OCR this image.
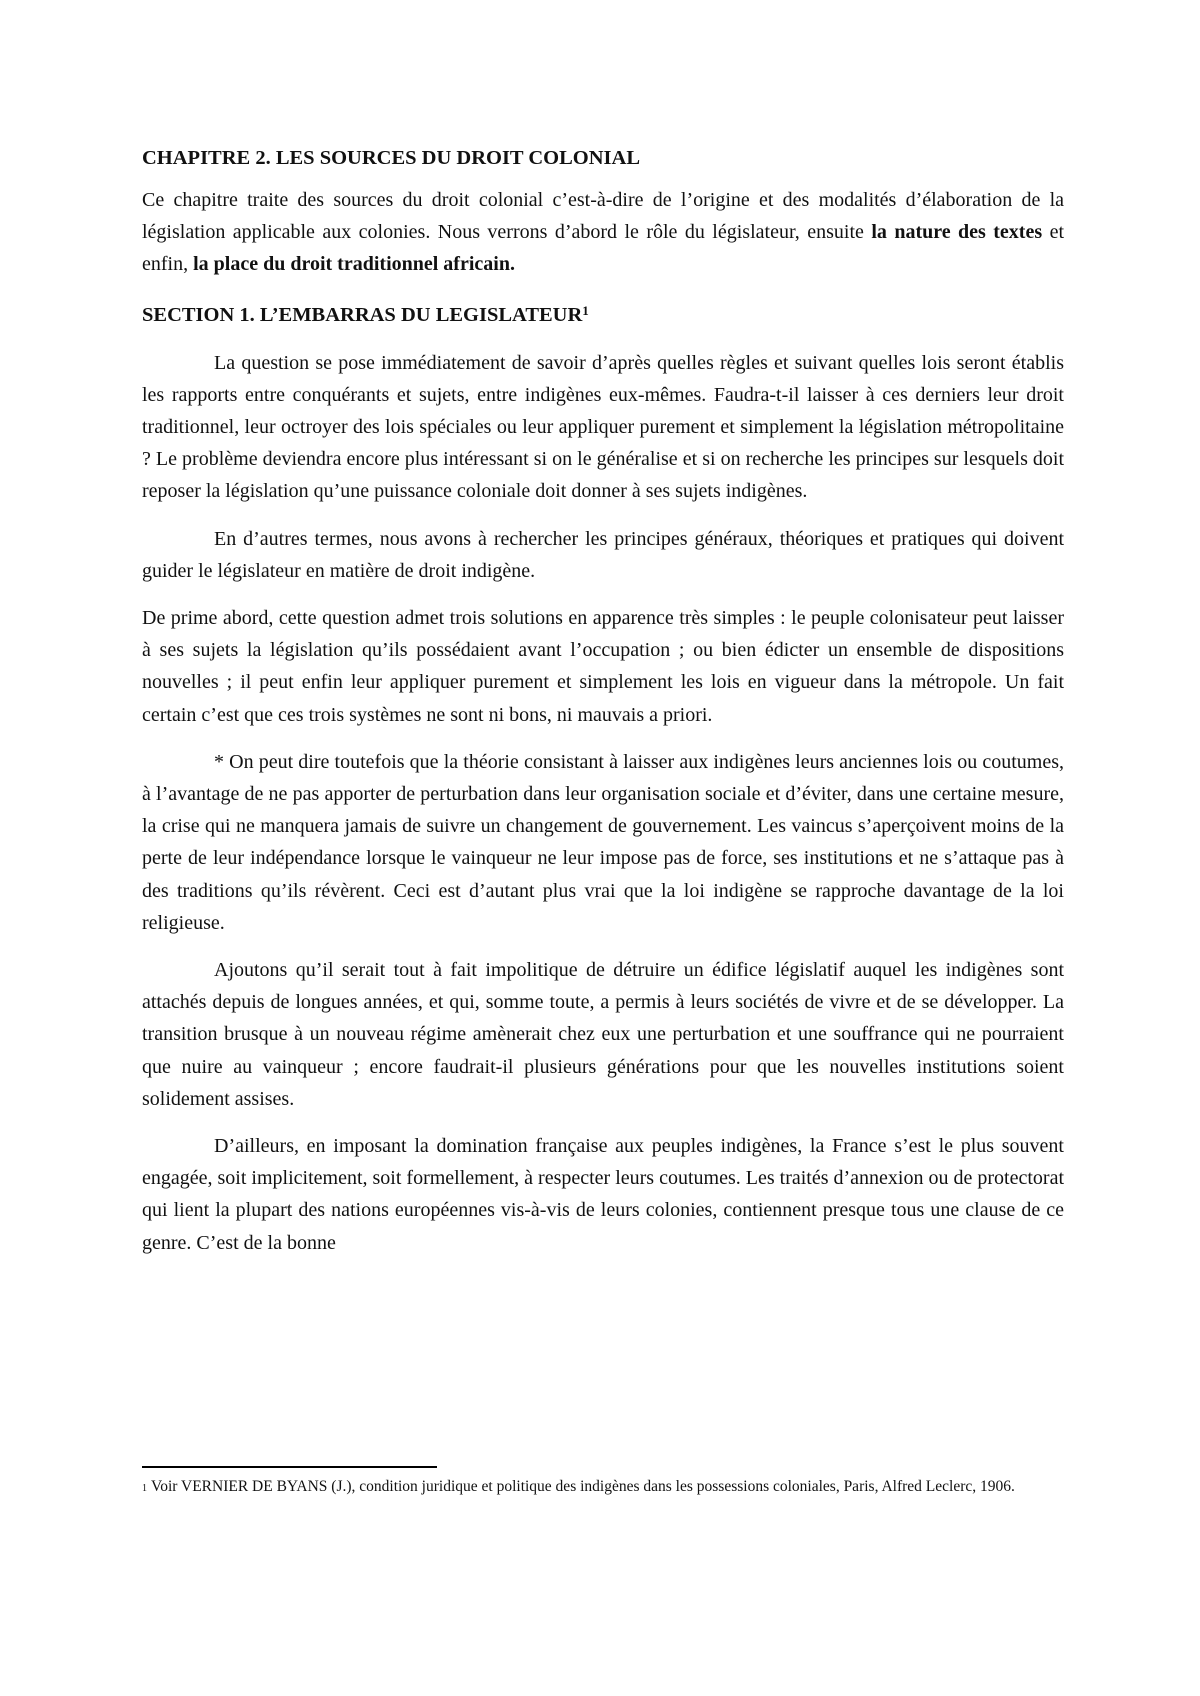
CHAPITRE 2. LES SOURCES DU DROIT COLONIAL

Ce chapitre traite des sources du droit colonial c’est-à-dire de l’origine et des modalités d’élaboration de la législation applicable aux colonies. Nous verrons d’abord le rôle du législateur, ensuite la nature des textes et enfin, la place du droit traditionnel africain.

SECTION 1. L’EMBARRAS DU LEGISLATEUR$^1$

La question se pose immédiatement de savoir d’après quelles règles et suivant quelles lois seront établis les rapports entre conquérants et sujets, entre indigènes eux-mêmes. Faudra-t-il laisser à ces derniers leur droit traditionnel, leur octroyer des lois spéciales ou leur appliquer purement et simplement la législation métropolitaine ? Le problème deviendra encore plus intéressant si on le généralise et si on recherche les principes sur lesquels doit reposer la législation qu’une puissance coloniale doit donner à ses sujets indigènes.

En d’autres termes, nous avons à rechercher les principes généraux, théoriques et pratiques qui doivent guider le législateur en matière de droit indigène.

De prime abord, cette question admet trois solutions en apparence très simples : le peuple colonisateur peut laisser à ses sujets la législation qu’ils possédaient avant l’occupation ; ou bien édicter un ensemble de dispositions nouvelles ; il peut enfin leur appliquer purement et simplement les lois en vigueur dans la métropole. Un fait certain c’est que ces trois systèmes ne sont ni bons, ni mauvais a priori.

* On peut dire toutefois que la théorie consistant à laisser aux indigènes leurs anciennes lois ou coutumes, à l’avantage de ne pas apporter de perturbation dans leur organisation sociale et d’éviter, dans une certaine mesure, la crise qui ne manquera jamais de suivre un changement de gouvernement. Les vaincus s’aperçoivent moins de la perte de leur indépendance lorsque le vainqueur ne leur impose pas de force, ses institutions et ne s’attaque pas à des traditions qu’ils révèrent. Ceci est d’autant plus vrai que la loi indigène se rapproche davantage de la loi religieuse.

Ajoutons qu’il serait tout à fait impolitique de détruire un édifice législatif auquel les indigènes sont attachés depuis de longues années, et qui, somme toute, a permis à leurs sociétés de vivre et de se développer. La transition brusque à un nouveau régime amènerait chez eux une perturbation et une souffrance qui ne pourraient que nuire au vainqueur ; encore faudrait-il plusieurs générations pour que les nouvelles institutions soient solidement assises.

D’ailleurs, en imposant la domination française aux peuples indigènes, la France s’est le plus souvent engagée, soit implicitement, soit formellement, à respecter leurs coutumes. Les traités d’annexion ou de protectorat qui lient la plupart des nations européennes vis-à-vis de leurs colonies, contiennent presque tous une clause de ce genre. C’est de la bonne

$^1$ Voir VERNIER DE BYANS (J.), condition juridique et politique des indigènes dans les possessions coloniales, Paris, Alfred Leclerc, 1906.
